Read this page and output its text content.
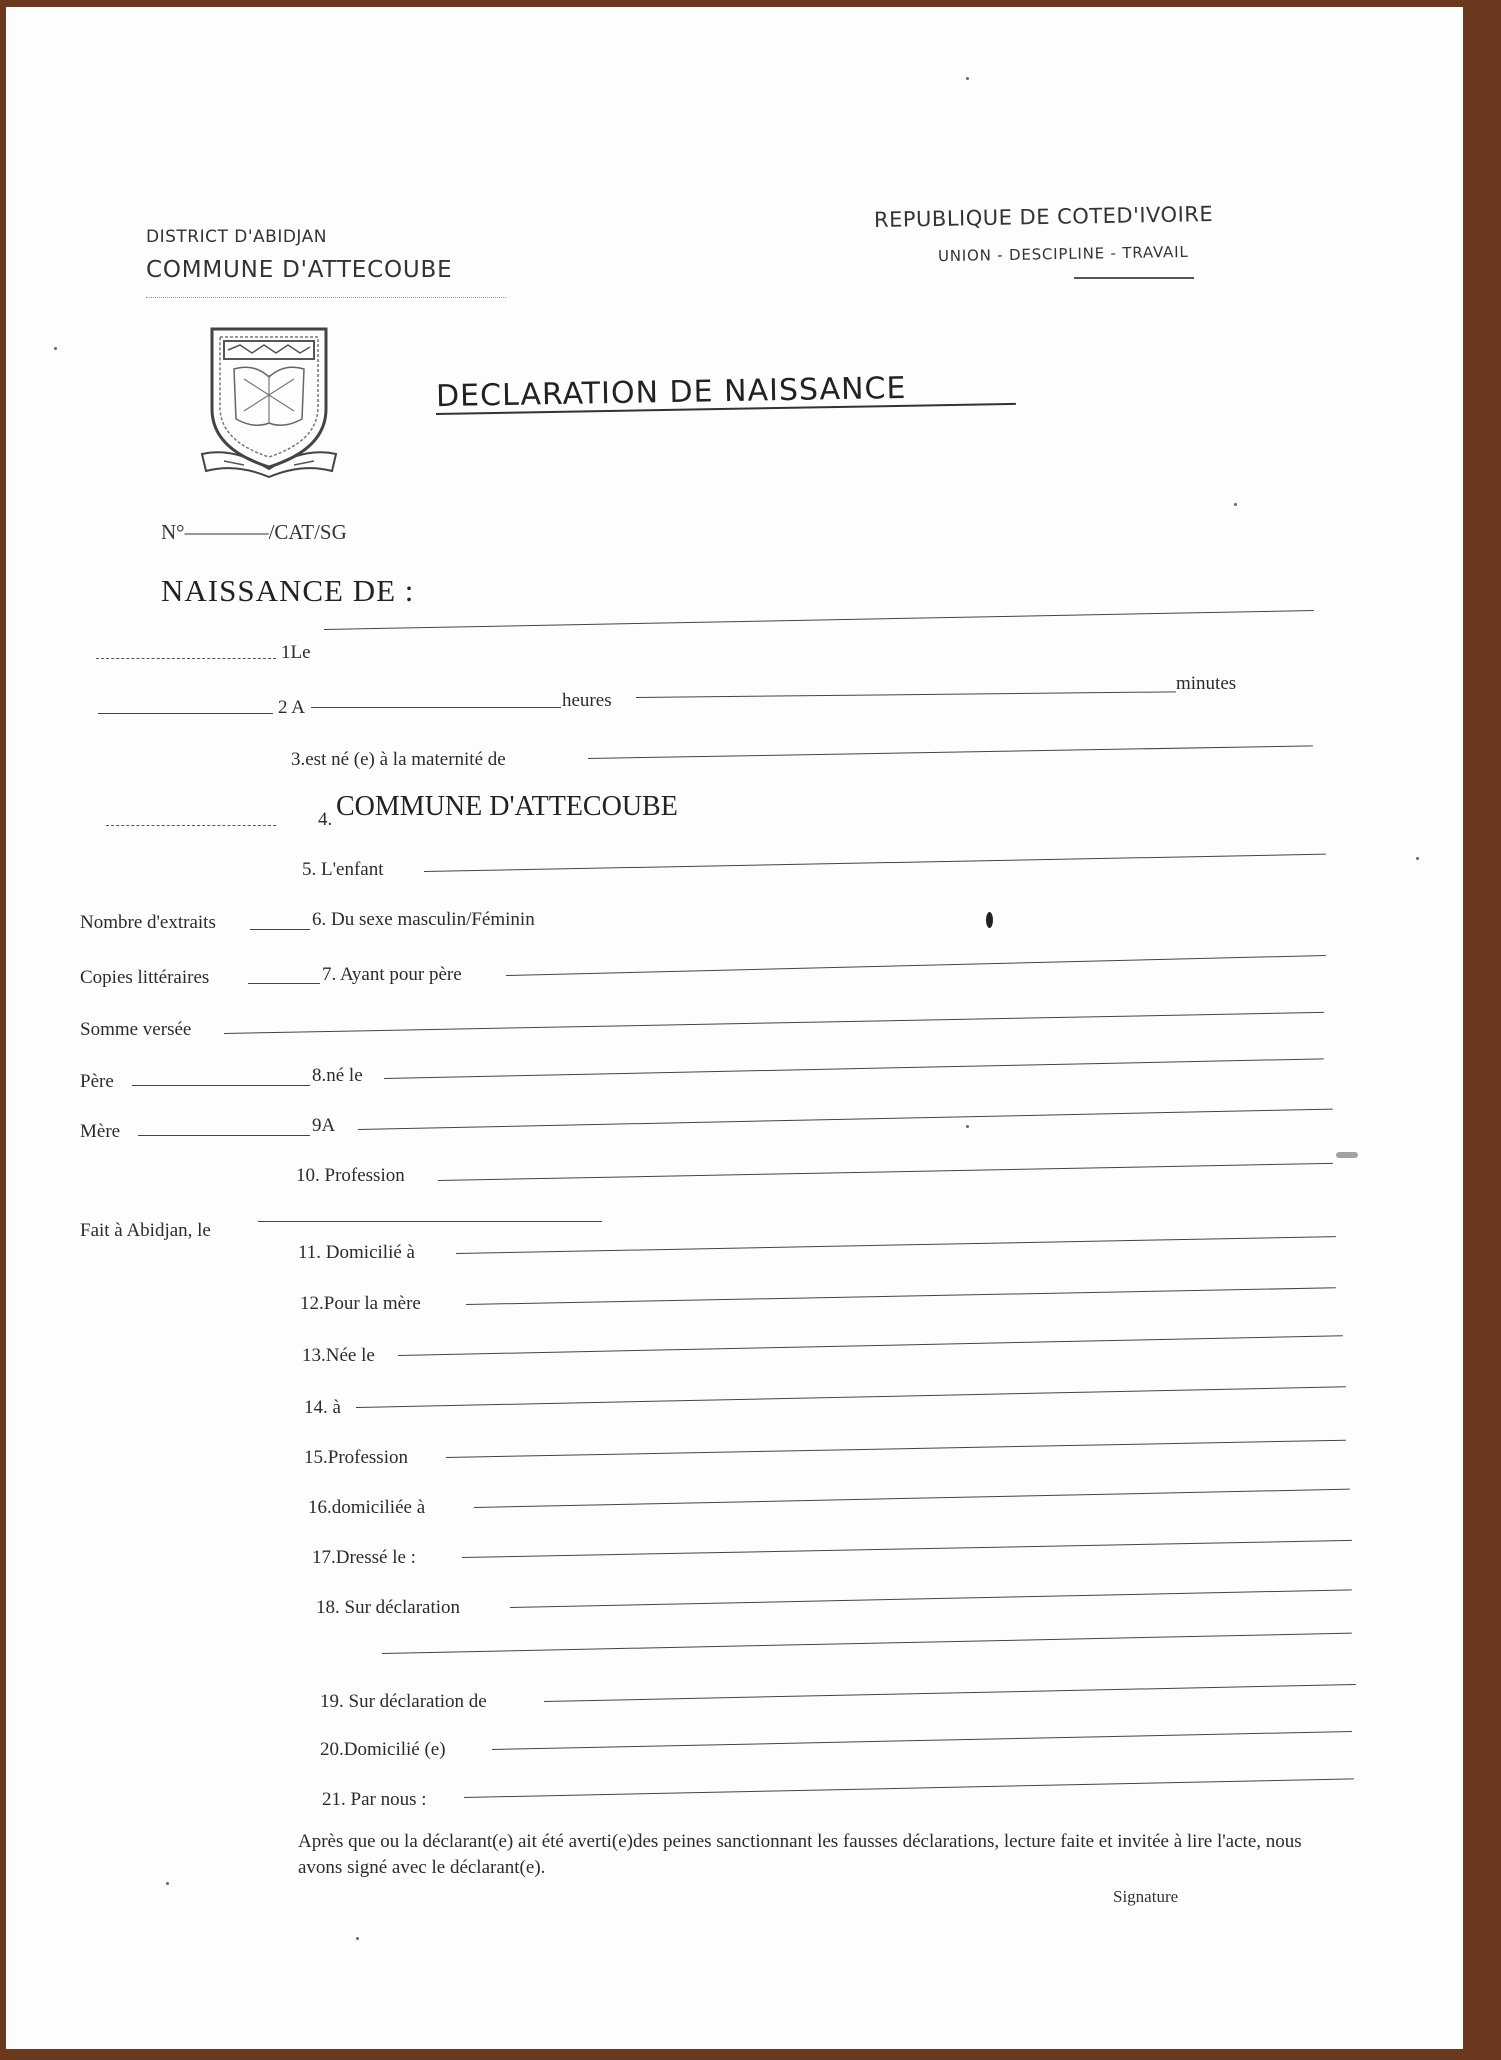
DISTRICT D'ABIDJAN
COMMUNE D'ATTECOUBE
REPUBLIQUE DE COTED'IVOIRE
UNION - DESCIPLINE - TRAVAIL
DECLARATION DE NAISSANCE
N°————/CAT/SG
NAISSANCE DE :
1Le
2 A	heures
minutes
3.est né (e) à la maternité de
4. COMMUNE D'ATTECOUBE
5. L'enfant
Nombre d'extraits	6. Du sexe masculin/Féminin
Copies littéraires	7. Ayant pour père
Somme versée
Père	8.né le
Mère	9A
10. Profession
Fait à Abidjan, le
11. Domicilié à
12.Pour la mère
13.Née le
14. à
15.Profession
16.domiciliée à
17.Dressé le :
18. Sur déclaration
19. Sur déclaration de
20.Domicilié (e)
21. Par nous :
Après que ou la déclarant(e) ait été averti(e)des peines sanctionnant les fausses déclarations, lecture faite et invitée à lire l'acte, nous avons signé avec le déclarant(e).
Signature
